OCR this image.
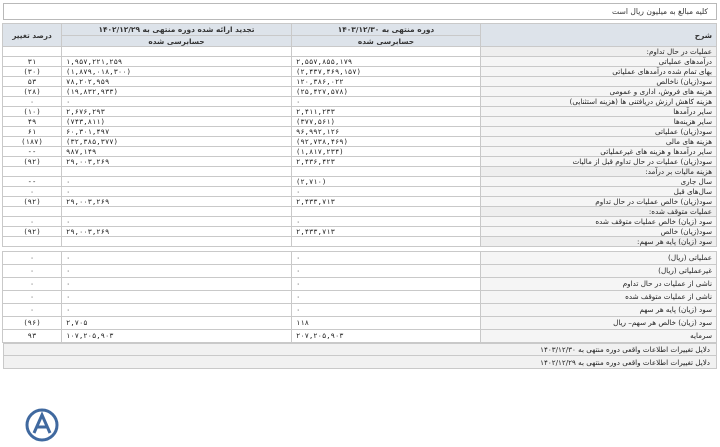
کلیه مبالغ به میلیون ریال است
شرح	دوره منتهی به ۱۴۰۳/۱۲/۳۰	تجدید ارائه شده دوره منتهی به ۱۴۰۲/۱۲/۲۹	درصد تغییر
	حسابرسی شده	حسابرسی شده	
عملیات در حال تداوم:			
درآمدهای عملیاتی	۲,۵۵۷,۸۵۵,۱۷۹	۱,۹۵۷,۲۲۱,۲۵۹	۳۱
بهای تمام شده درآمدهای عملیاتی	(۲,۴۳۷,۴۶۹,۱۵۷)	(۱,۸۷۹,۰۱۸,۳۰۰)	(۳۰)
سود(زیان) ناخالص	۱۲۰,۳۸۶,۰۲۲	۷۸,۲۰۲,۹۵۹	۵۳
هزینه های فروش، اداری و عمومی	(۲۵,۴۲۷,۵۷۸)	(۱۹,۸۳۲,۹۳۳)	(۲۸)
هزینه کاهش ارزش دریافتنی ها (هزینه استثنایی)	۰	۰	۰
سایر درآمدها	۲,۴۱۱,۲۳۳	۲,۶۷۶,۲۹۳	(۱۰)
سایر هزینه‌ها	(۳۷۷,۵۶۱)	(۷۴۳,۸۱۱)	۴۹
سود(زیان) عملیاتی	۹۶,۹۹۲,۱۲۶	۶۰,۳۰۱,۴۹۷	۶۱
هزینه های مالی	(۹۲,۷۳۸,۴۶۹)	(۳۲,۳۸۵,۳۷۷)	(۱۸۷)
سایر درآمدها و هزینه های غیرعملیاتی	(۱,۸۱۷,۲۳۴)	۹۸۷,۱۴۹	--
سود(زیان) عملیات در حال تداوم قبل از مالیات	۲,۴۳۶,۴۲۳	۲۹,۰۰۳,۲۶۹	(۹۲)
هزینه مالیات بر درآمد:			
سال جاری	(۲,۷۱۰)	۰	--
سال‌های قبل	۰	۰	۰
سود(زیان) خالص عملیات در حال تداوم	۲,۴۳۳,۷۱۳	۲۹,۰۰۳,۲۶۹	(۹۲)
عملیات متوقف شده:			
سود (زیان) خالص عملیات متوقف شده	۰	۰	۰
سود(زیان) خالص	۲,۴۳۳,۷۱۳	۲۹,۰۰۳,۲۶۹	(۹۲)
سود (زیان) پایه هر سهم:			

عملیاتی (ریال)	۰	۰	۰
غیرعملیاتی (ریال)	۰	۰	۰
ناشی از عملیات در حال تداوم	۰	۰	۰
ناشی از عملیات متوقف شده	۰	۰	۰
سود (زیان) پایه هر سهم	۰	۰	۰
سود (زیان) خالص هر سهم– ریال	۱۱۸	۲,۷۰۵	(۹۶)
سرمایه	۲۰۷,۲۰۵,۹۰۳	۱۰۷,۲۰۵,۹۰۳	۹۳
دلایل تغییرات اطلاعات واقعی دوره منتهی به ۱۴۰۳/۱۲/۳۰
دلایل تغییرات اطلاعات واقعی دوره منتهی به ۱۴۰۲/۱۲/۲۹
